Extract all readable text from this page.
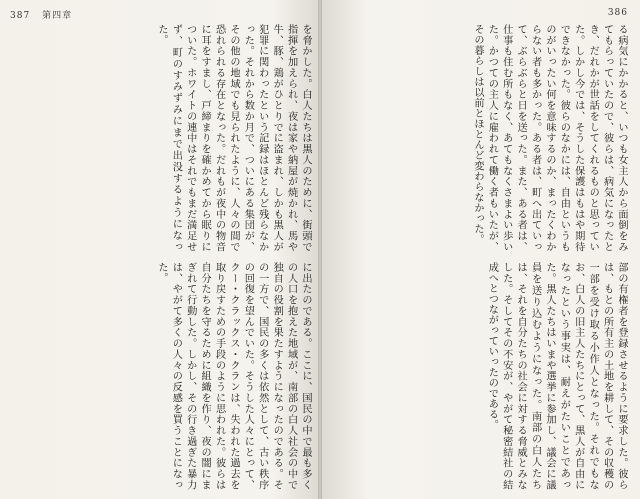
387 第四章
を脅かした。白人たちは黒人のために、街頭で指揮を加えられ、夜は家や納屋が焼かれ、馬や牛、豚、鶏がひとりでに盗まれ、しかも黒人が犯罪に関わったという記録はほとんど残らなかった。それから数か月で、ついにある集団が、その他の地域でも見られたように、人々の間で恐れられる存在となった。だれもが夜中の物音に耳をすまし、戸締まりを確かめてから眠りについた。ホワイトの連中はそれでもまだ満足せず、町のすみずみにまで出没するようになった。
に出たのである。ここに、国民の中で最も多くの人口を抱えた地域が、南部の白人社会の中で独自の役割を果たすようになったのである。その一方で、国民の多くは依然として、古い秩序の回復を望んでいた。そうした人々にとって、クー・クラックス・クランは、失われた過去を取り戻すための手段のように思われた。彼らは自分たちを守るために組織を作り、夜の闇にまぎれて行動した。しかし、その行き過ぎた暴力は、やがて多くの人々の反感を買うことになった。
386
る病気にかかると、いつも女主人から面倒をみてもらっていたので、彼らは、病気になったとき、だれかが世話をしてくれるものと思っていた。しかし今では、そうした保護はもはや期待できなかった。彼らのなかには、自由というものがいったい何を意味するのか、まったくわからない者も多かった。ある者は、町へ出ていって、ぶらぶらと日を送った。また、ある者は、仕事も住む所もなく、あてもなくさまよい歩いた。かつての主人に雇われて働く者もいたが、その暮らしは以前とほとんど変わらなかった。
部の有権者を登録させるように要求した。彼らは、もとの所有主の土地を耕して、その収穫の一部を受け取る小作人となった。それでもなお、白人の旧主人たちにとって、黒人が自由になったという事実は、耐えがたいことであった。黒人たちはいまや選挙に参加し、議会に議員を送り込むようになった。南部の白人たちは、それを自分たちの社会に対する脅威とみなした。そしてその不安が、やがて秘密結社の結成へとつながっていったのである。
